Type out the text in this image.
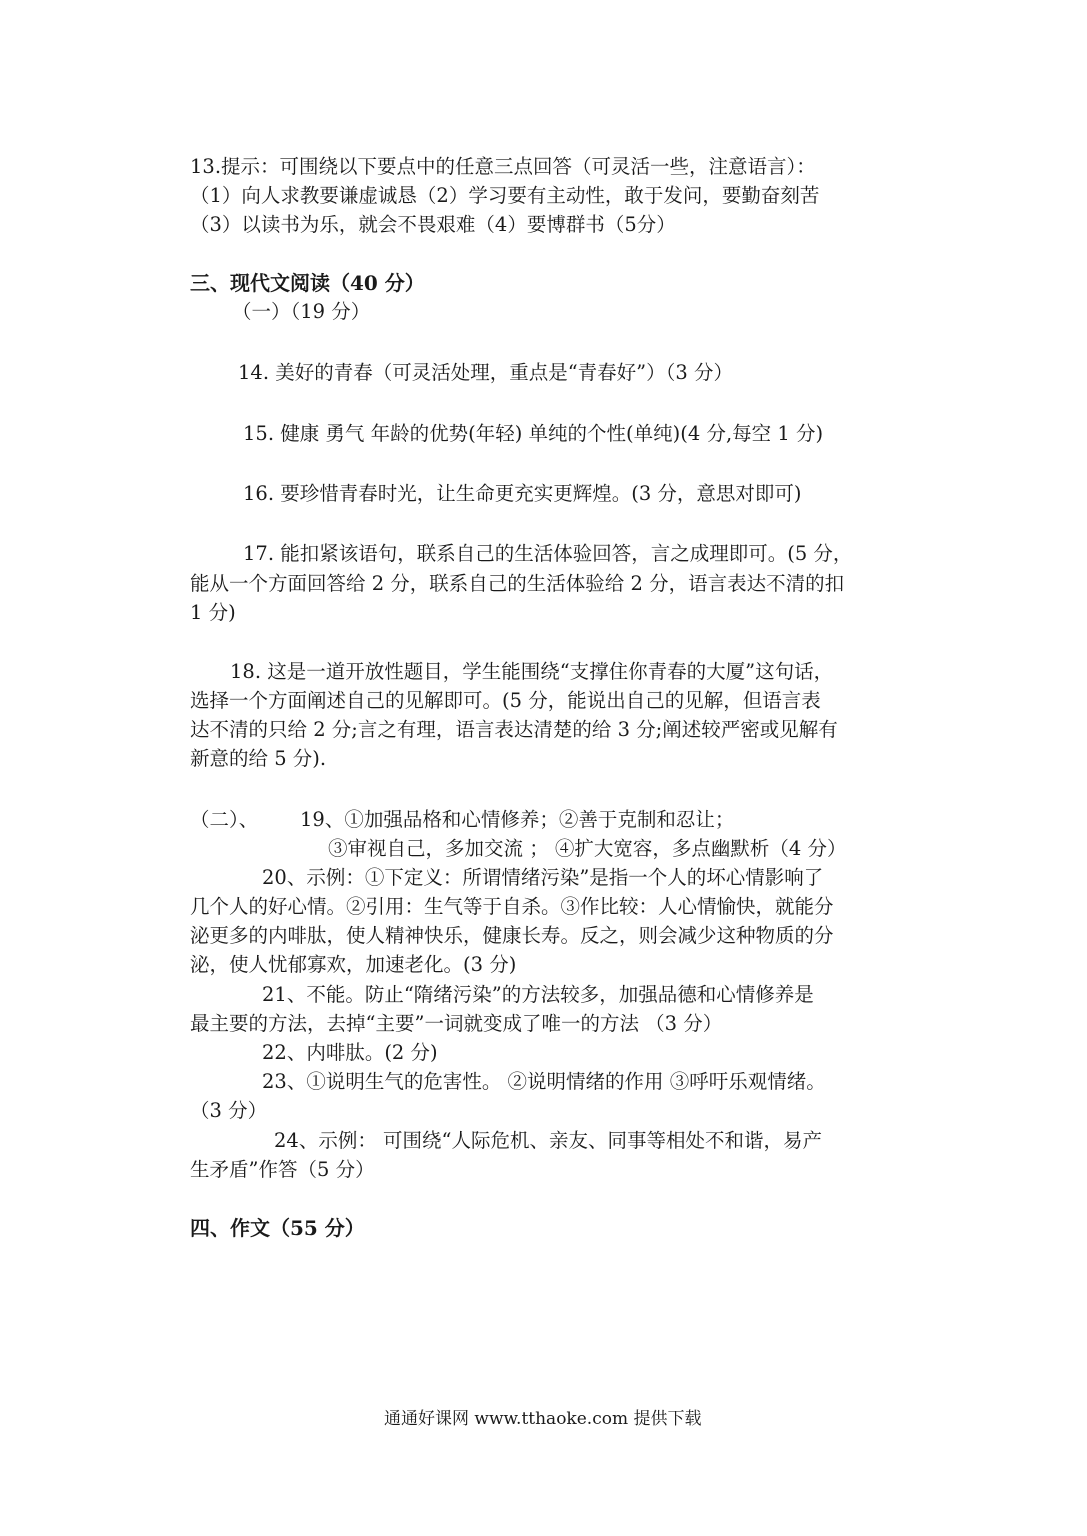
13.提示：可围绕以下要点中的任意三点回答（可灵活一些，注意语言）：
（1）向人求教要谦虚诚恳（2）学习要有主动性，敢于发问，要勤奋刻苦
（3）以读书为乐，就会不畏艰难（4）要博群书（5分）
三、现代文阅读（40 分）
（一）（19 分）
14. 美好的青春（可灵活处理，重点是“青春好”）（3 分）
15. 健康 勇气 年龄的优势(年轻) 单纯的个性(单纯)(4 分,每空 1 分)
16. 要珍惜青春时光，让生命更充实更辉煌。(3 分，意思对即可)
17. 能扣紧该语句，联系自己的生活体验回答，言之成理即可。(5 分，
能从一个方面回答给 2 分，联系自己的生活体验给 2 分，语言表达不清的扣
1 分)
18. 这是一道开放性题目，学生能围绕“支撑住你青春的大厦”这句话，
选择一个方面阐述自己的见解即可。(5 分，能说出自己的见解，但语言表
达不清的只给 2 分;言之有理，语言表达清楚的给 3 分;阐述较严密或见解有
新意的给 5 分).
（二）、 19、①加强品格和心情修养；②善于克制和忍让；
③审视自己，多加交流 ； ④扩大宽容，多点幽默析（4 分）
20、示例：①下定义：所谓情绪污染”是指一个人的坏心情影响了
几个人的好心情。②引用：生气等于自杀。③作比较：人心情愉快，就能分
泌更多的内啡肽，使人精神快乐，健康长寿。反之，则会减少这种物质的分
泌，使人忧郁寡欢，加速老化。(3 分)
21、不能。防止“隋绪污染”的方法较多，加强品德和心情修养是
最主要的方法，去掉“主要”一词就变成了唯一的方法 （3 分）
22、内啡肽。(2 分)
23、①说明生气的危害性。 ②说明情绪的作用 ③呼吁乐观情绪。
（3 分）
24、示例： 可围绕“人际危机、亲友、同事等相处不和谐，易产
生矛盾”作答（5 分）
四、作文（55 分）
通通好课网 www.tthaoke.com 提供下载
